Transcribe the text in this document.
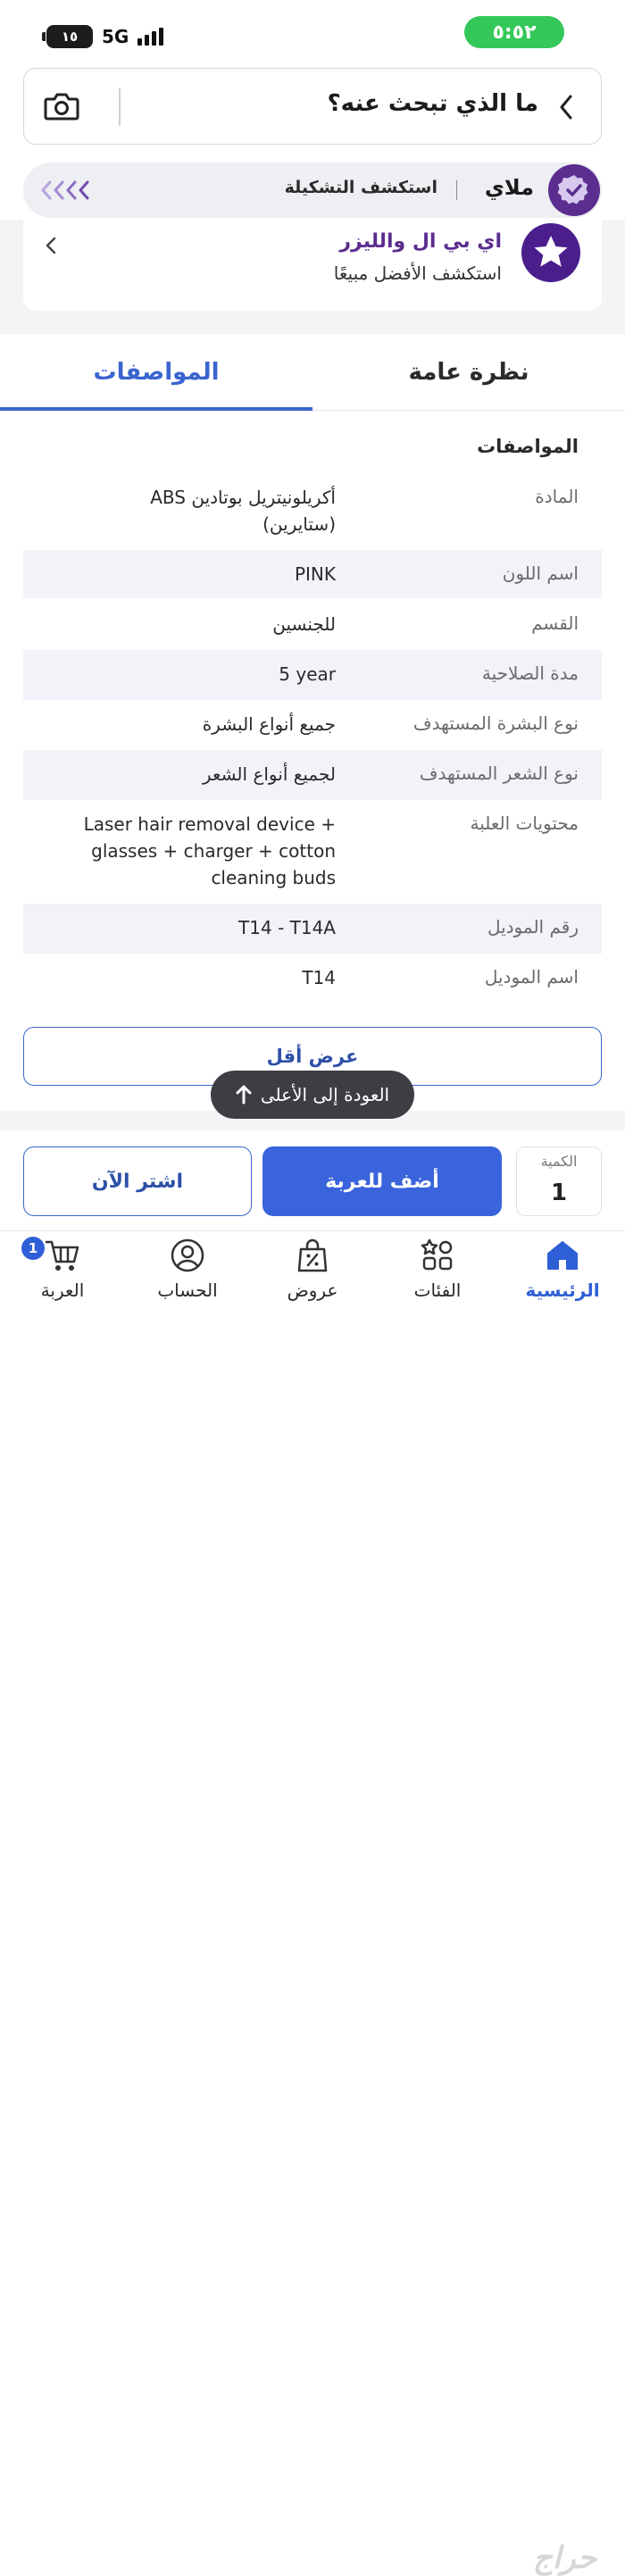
١٥	5G	٥:٥٢
ما الذي تبحث عنه؟
ملاي
استكشف التشكيلة
اي بي ال والليزر
استكشف الأفضل مبيعًا
نظرة عامة
المواصفات
المواصفات
المادة
أكريلونيتريل بوتادين ABS (ستايرين)
اسم اللون
PINK
القسم
للجنسين
مدة الصلاحية
5 year
نوع البشرة المستهدف
جميع أنواع البشرة
نوع الشعر المستهدف
لجميع أنواع الشعر
محتويات العلبة
Laser hair removal device + glasses + charger + cotton cleaning buds
رقم الموديل
T14 - T14A
اسم الموديل
T14
عرض أقل
العودة إلى الأعلى
الكمية
1
أضف للعربة
اشتر الآن
الرئيسية
الفئات
عروض
الحساب
العربة
1
حراج
